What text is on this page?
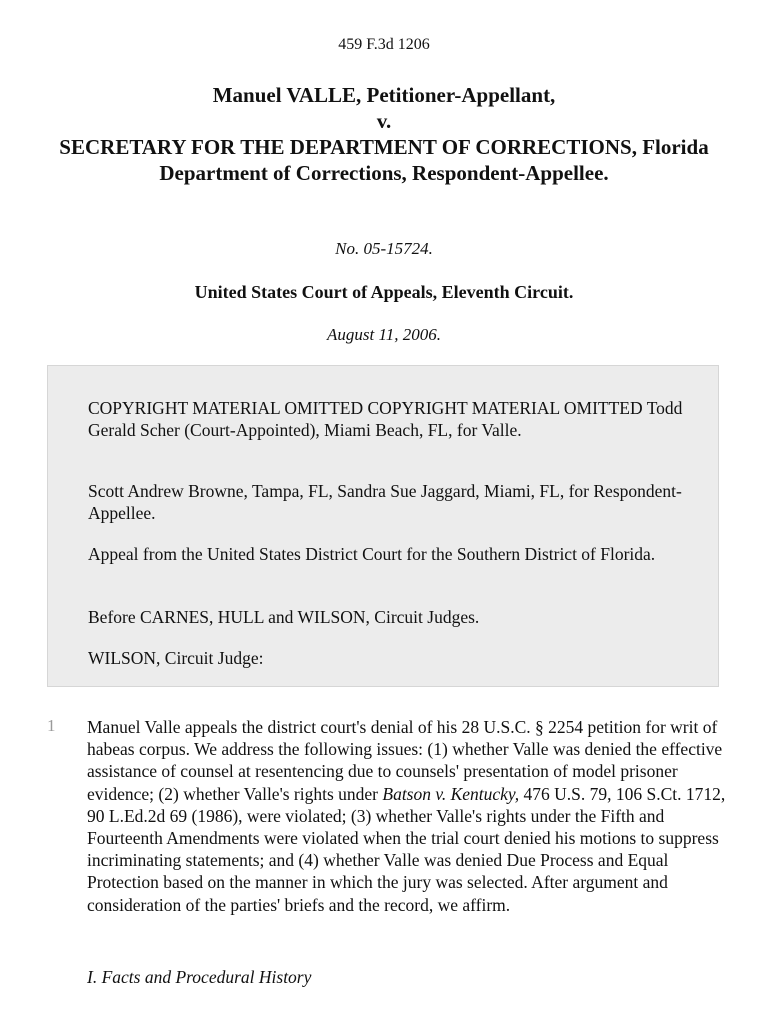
459 F.3d 1206
Manuel VALLE, Petitioner-Appellant,
v.
SECRETARY FOR THE DEPARTMENT OF CORRECTIONS, Florida Department of Corrections, Respondent-Appellee.
No. 05-15724.
United States Court of Appeals, Eleventh Circuit.
August 11, 2006.

COPYRIGHT MATERIAL OMITTED COPYRIGHT MATERIAL OMITTED Todd Gerald Scher (Court-Appointed), Miami Beach, FL, for Valle.

Scott Andrew Browne, Tampa, FL, Sandra Sue Jaggard, Miami, FL, for Respondent-Appellee.

Appeal from the United States District Court for the Southern District of Florida.

Before CARNES, HULL and WILSON, Circuit Judges.

WILSON, Circuit Judge:

1 Manuel Valle appeals the district court's denial of his 28 U.S.C. § 2254 petition for writ of habeas corpus. We address the following issues: (1) whether Valle was denied the effective assistance of counsel at resentencing due to counsels' presentation of model prisoner evidence; (2) whether Valle's rights under Batson v. Kentucky, 476 U.S. 79, 106 S.Ct. 1712, 90 L.Ed.2d 69 (1986), were violated; (3) whether Valle's rights under the Fifth and Fourteenth Amendments were violated when the trial court denied his motions to suppress incriminating statements; and (4) whether Valle was denied Due Process and Equal Protection based on the manner in which the jury was selected. After argument and consideration of the parties' briefs and the record, we affirm.

I. Facts and Procedural History
